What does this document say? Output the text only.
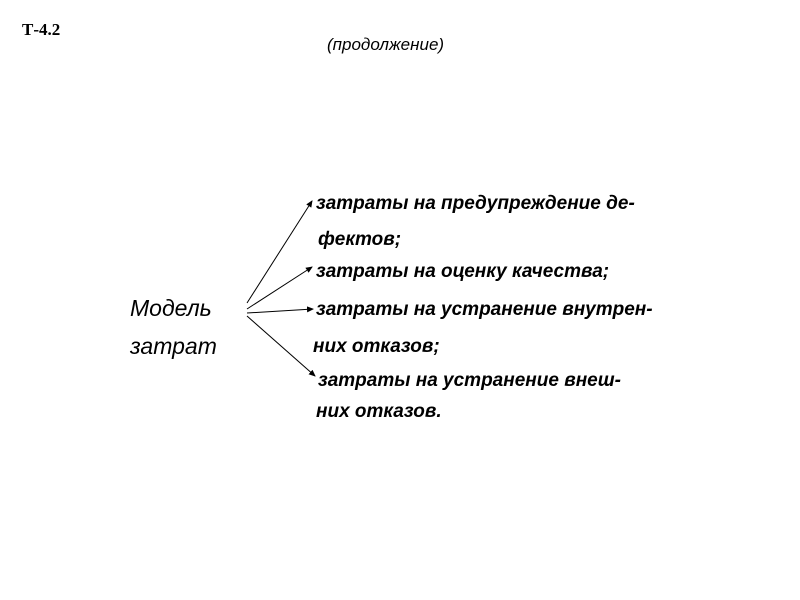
Т-4.2
(продолжение)
Модель
затрат
затраты на предупреждение де-
фектов;
затраты на оценку качества;
затраты на устранение внутрен-
них отказов;
затраты на устранение внеш-
них отказов.
